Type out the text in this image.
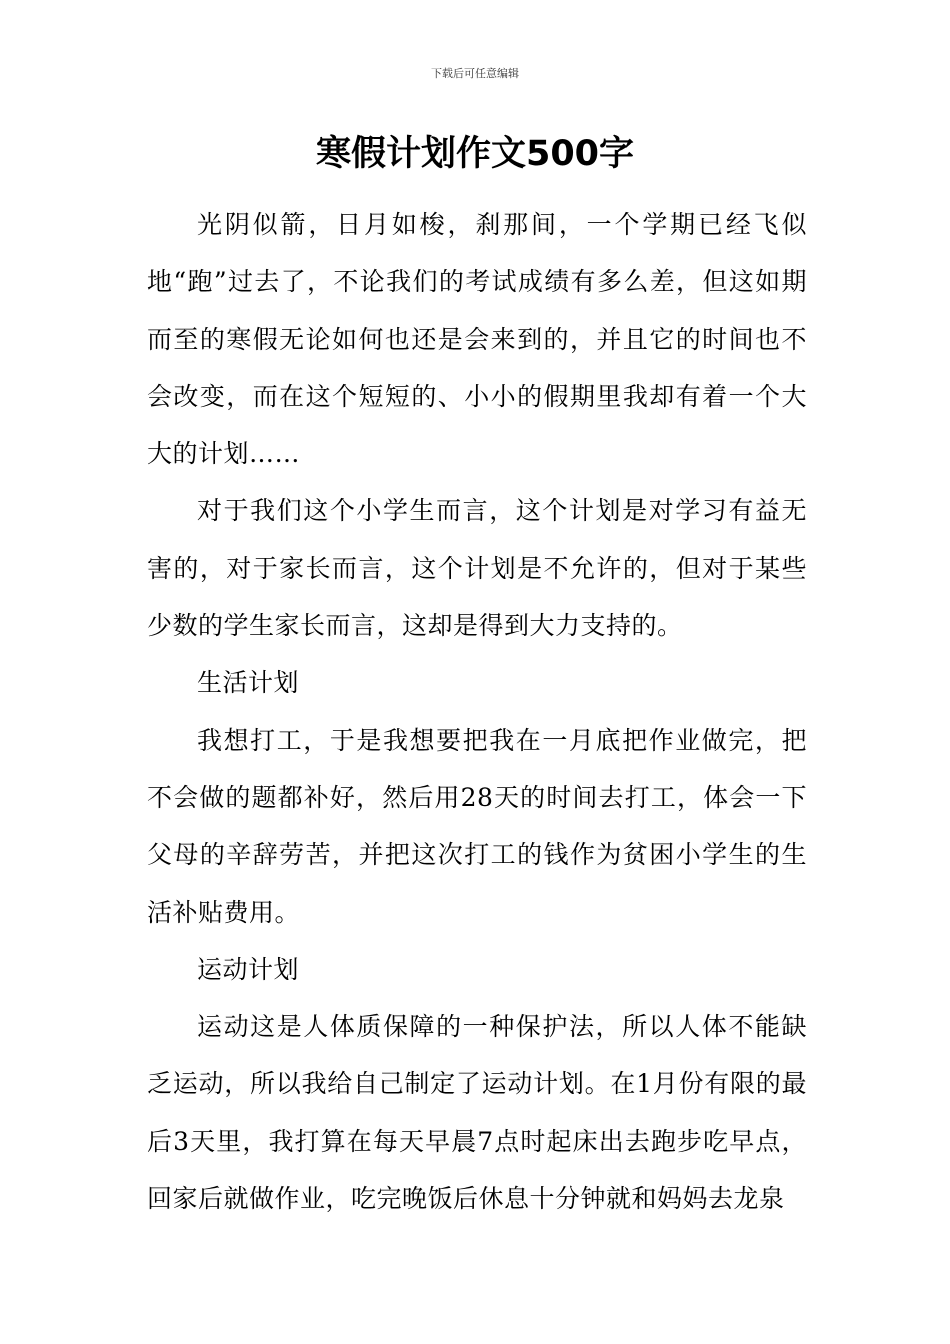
下载后可任意编辑
寒假计划作文500字

光阴似箭，日月如梭，刹那间，一个学期已经飞似地“跑”过去了，不论我们的考试成绩有多么差，但这如期而至的寒假无论如何也还是会来到的，并且它的时间也不会改变，而在这个短短的、小小的假期里我却有着一个大大的计划……

对于我们这个小学生而言，这个计划是对学习有益无害的，对于家长而言，这个计划是不允许的，但对于某些少数的学生家长而言，这却是得到大力支持的。

生活计划

我想打工，于是我想要把我在一月底把作业做完，把不会做的题都补好，然后用28天的时间去打工，体会一下父母的辛辞劳苦，并把这次打工的钱作为贫困小学生的生活补贴费用。

运动计划

运动这是人体质保障的一种保护法，所以人体不能缺乏运动，所以我给自己制定了运动计划。在1月份有限的最后3天里，我打算在每天早晨7点时起床出去跑步吃早点，回家后就做作业，吃完晚饭后休息十分钟就和妈妈去龙泉
